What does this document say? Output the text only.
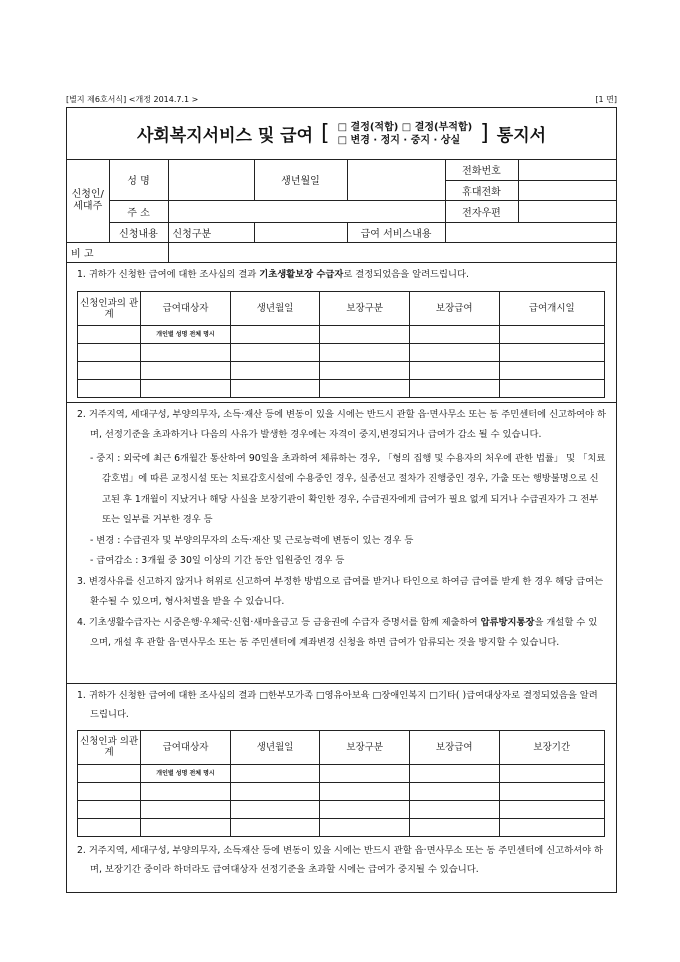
[별지 제6호서식] <개정 2014.7.1 >	[1 면]
사회복지서비스 및 급여 [ □ 결정(적합) □ 결정(부적합)
□ 변경 · 정지 · 중지 · 상실 ] 통지서
신청인/ 세대주	성 명		생년월일		전화번호	
					휴대전화	
	주 소				전자우편	
	신청내용	신청구분		급여 서비스내용		
비 고						

1. 귀하가 신청한 급여에 대한 조사심의 결과 기초생활보장 수급자로 결정되었음을 알려드립니다.

신청인과의 관계	급여대상자	생년월일	보장구분	보장급여	급여개시일
	개인별 성명 전체 명시				

2. 거주지역, 세대구성, 부양의무자, 소득·재산 등에 변동이 있을 시에는 반드시 관할 읍·면사무소 또는 동 주민센터에 신고하여야 하며, 선정기준을 초과하거나 다음의 사유가 발생한 경우에는 자격이 중지,변경되거나 급여가 감소 될 수 있습니다.

- 중지 : 외국에 최근 6개월간 통산하여 90일을 초과하여 체류하는 경우, 「형의 집행 및 수용자의 처우에 관한 법률」 및 「치료감호법」에 따른 교정시설 또는 치료감호시설에 수용중인 경우, 실종선고 절차가 진행중인 경우, 가출 또는 행방불명으로 신고된 후 1개월이 지났거나 해당 사실을 보장기관이 확인한 경우, 수급권자에게 급여가 필요 없게 되거나 수급권자가 그 전부 또는 일부를 거부한 경우 등

- 변경 : 수급권자 및 부양의무자의 소득·재산 및 근로능력에 변동이 있는 경우 등

- 급여감소 : 3개월 중 30일 이상의 기간 동안 입원중인 경우 등

3. 변경사유를 신고하지 않거나 허위로 신고하여 부정한 방법으로 급여를 받거나 타인으로 하여금 급여를 받게 한 경우 해당 급여는 환수될 수 있으며, 형사처벌을 받을 수 있습니다.

4. 기초생활수급자는 시중은행·우체국·신협·새마을금고 등 금융권에 수급자 증명서를 함께 제출하여 압류방지통장을 개설할 수 있으며, 개설 후 관할 읍·면사무소 또는 동 주민센터에 계좌변경 신청을 하면 급여가 압류되는 것을 방지할 수 있습니다.

1. 귀하가 신청한 급여에 대한 조사심의 결과 □한부모가족 □영유아보육 □장애인복지 □기타( )급여대상자로 결정되었음을 알려드립니다.

신청인과 의관계	급여대상자	생년월일	보장구분	보장급여	보장기간
	개인별 성명 전체 명시				

2. 거주지역, 세대구성, 부양의무자, 소득재산 등에 변동이 있을 시에는 반드시 관할 읍·면사무소 또는 동 주민센터에 신고하셔야 하며, 보장기간 중이라 하더라도 급여대상자 선정기준을 초과할 시에는 급여가 중지될 수 있습니다.
